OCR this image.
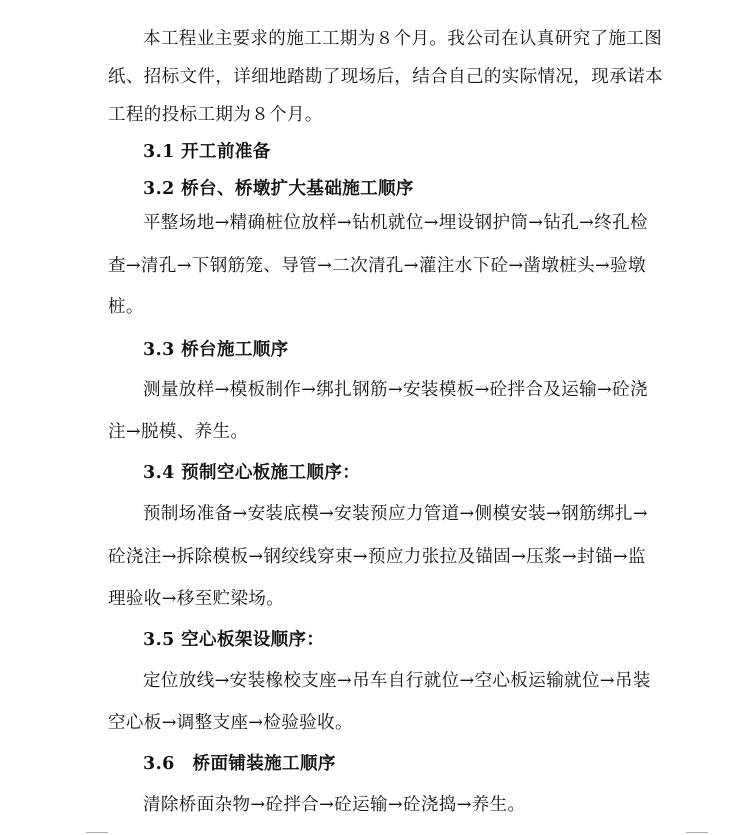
本工程业主要求的施工工期为８个月。我公司在认真研究了施工图
纸、招标文件，详细地踏勘了现场后，结合自己的实际情况，现承诺本
工程的投标工期为８个月。
3.1 开工前准备
3.2 桥台、桥墩扩大基础施工顺序
平整场地→精确桩位放样→钻机就位→埋设钢护筒→钻孔→终孔检
查→清孔→下钢筋笼、导管→二次清孔→灌注水下砼→凿墩桩头→验墩
桩。
3.3 桥台施工顺序
测量放样→模板制作→绑扎钢筋→安装模板→砼拌合及运输→砼浇
注→脱模、养生。
3.4 预制空心板施工顺序：
预制场准备→安装底模→安装预应力管道→侧模安装→钢筋绑扎→
砼浇注→拆除模板→钢绞线穿束→预应力张拉及锚固→压浆→封锚→监
理验收→移至贮梁场。
3.5 空心板架设顺序：
定位放线→安装橡校支座→吊车自行就位→空心板运输就位→吊装
空心板→调整支座→检验验收。
3.6　桥面铺装施工顺序
清除桥面杂物→砼拌合→砼运输→砼浇捣→养生。
